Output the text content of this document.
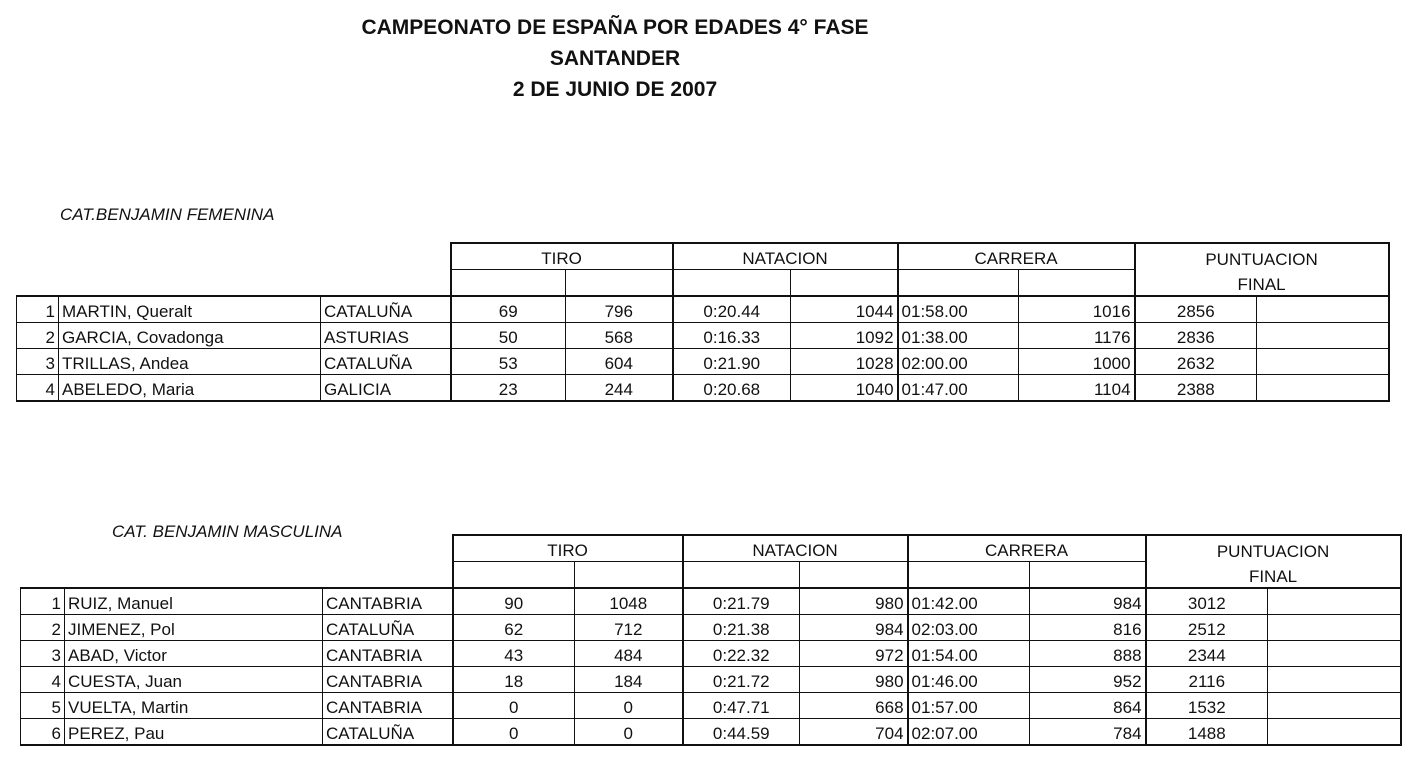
CAMPEONATO DE ESPAÑA POR EDADES 4° FASE
SANTANDER
2 DE JUNIO DE 2007
CAT.BENJAMIN FEMENINA
CAT. BENJAMIN MASCULINA
			TIRO		NATACION		CARRERA		PUNTUACION	
									FINAL	
1	MARTIN, Queralt	CATALUÑA	69	796	0:20.44	1044	01:58.00	1016	2856	
2	GARCIA, Covadonga	ASTURIAS	50	568	0:16.33	1092	01:38.00	1176	2836	
3	TRILLAS, Andea	CATALUÑA	53	604	0:21.90	1028	02:00.00	1000	2632	
4	ABELEDO, Maria	GALICIA	23	244	0:20.68	1040	01:47.00	1104	2388	
			TIRO		NATACION		CARRERA		PUNTUACION	
									FINAL	
1	RUIZ, Manuel	CANTABRIA	90	1048	0:21.79	980	01:42.00	984	3012	
2	JIMENEZ, Pol	CATALUÑA	62	712	0:21.38	984	02:03.00	816	2512	
3	ABAD, Victor	CANTABRIA	43	484	0:22.32	972	01:54.00	888	2344	
4	CUESTA, Juan	CANTABRIA	18	184	0:21.72	980	01:46.00	952	2116	
5	VUELTA, Martin	CANTABRIA	0	0	0:47.71	668	01:57.00	864	1532	
6	PEREZ, Pau	CATALUÑA	0	0	0:44.59	704	02:07.00	784	1488	
